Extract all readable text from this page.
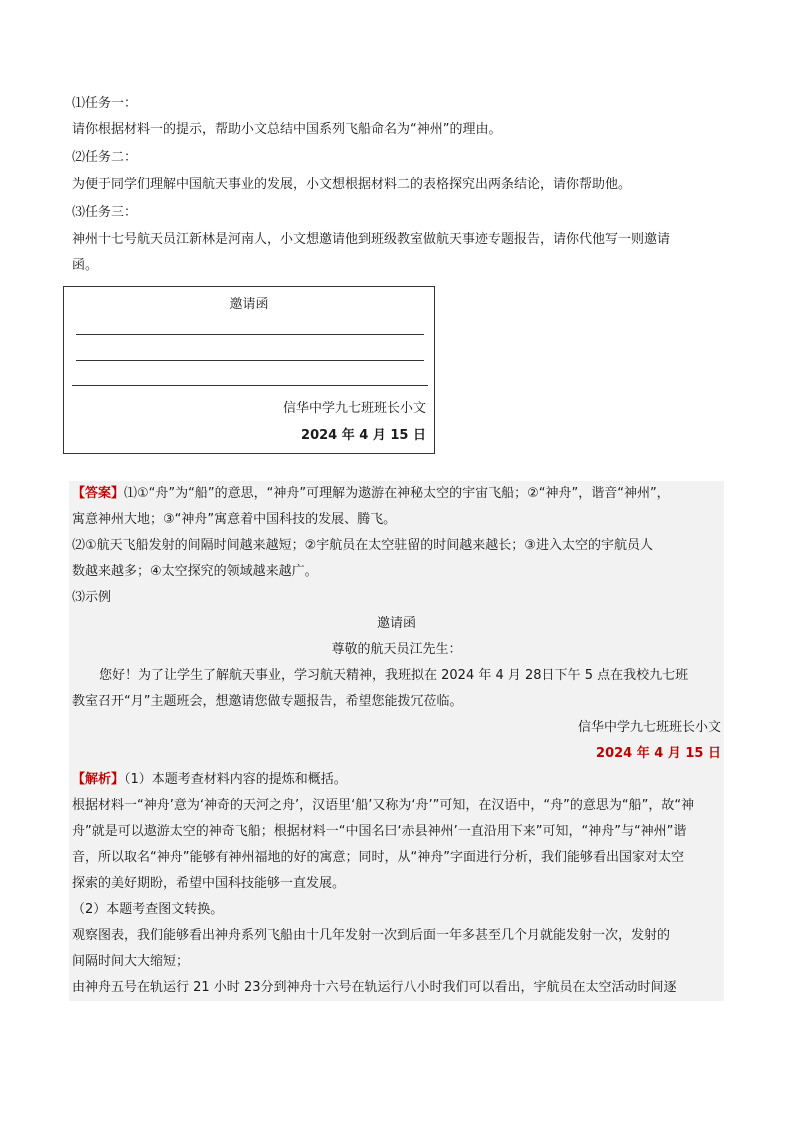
⑴任务一：
请你根据材料一的提示，帮助小文总结中国系列飞船命名为“神州”的理由。
⑵任务二：
为便于同学们理解中国航天事业的发展，小文想根据材料二的表格探究出两条结论，请你帮助他。
⑶任务三：
神州十七号航天员江新林是河南人，小文想邀请他到班级教室做航天事迹专题报告，请你代他写一则邀请
函。
邀请函
信华中学九七班班长小文
2024 年 4 月 15 日
【答案】⑴①“舟”为“船”的意思，“神舟”可理解为遨游在神秘太空的宇宙飞船；②“神舟”，谐音“神州”，
寓意神州大地；③“神舟”寓意着中国科技的发展、腾飞。
⑵①航天飞船发射的间隔时间越来越短；②宇航员在太空驻留的时间越来越长；③进入太空的宇航员人
数越来越多；④太空探究的领域越来越广。
⑶示例
邀请函
尊敬的航天员江先生：
您好！为了让学生了解航天事业，学习航天精神，我班拟在 2024 年 4 月 28日下午 5 点在我校九七班
教室召开“月”主题班会，想邀请您做专题报告，希望您能拨冗莅临。
信华中学九七班班长小文
2024 年 4 月 15 日
【解析】（1）本题考查材料内容的提炼和概括。
根据材料一“神舟’意为‘神奇的天河之舟’，汉语里‘船’又称为‘舟’”可知，在汉语中，“舟”的意思为“船”，故“神
舟”就是可以遨游太空的神奇飞船；根据材料一“中国名曰‘赤县神州’一直沿用下来”可知，“神舟”与“神州”谐
音，所以取名“神舟”能够有神州福地的好的寓意；同时，从“神舟”字面进行分析，我们能够看出国家对太空
探索的美好期盼，希望中国科技能够一直发展。
（2）本题考查图文转换。
观察图表，我们能够看出神舟系列飞船由十几年发射一次到后面一年多甚至几个月就能发射一次，发射的
间隔时间大大缩短；
由神舟五号在轨运行 21 小时 23分到神舟十六号在轨运行八小时我们可以看出，宇航员在太空活动时间逐
